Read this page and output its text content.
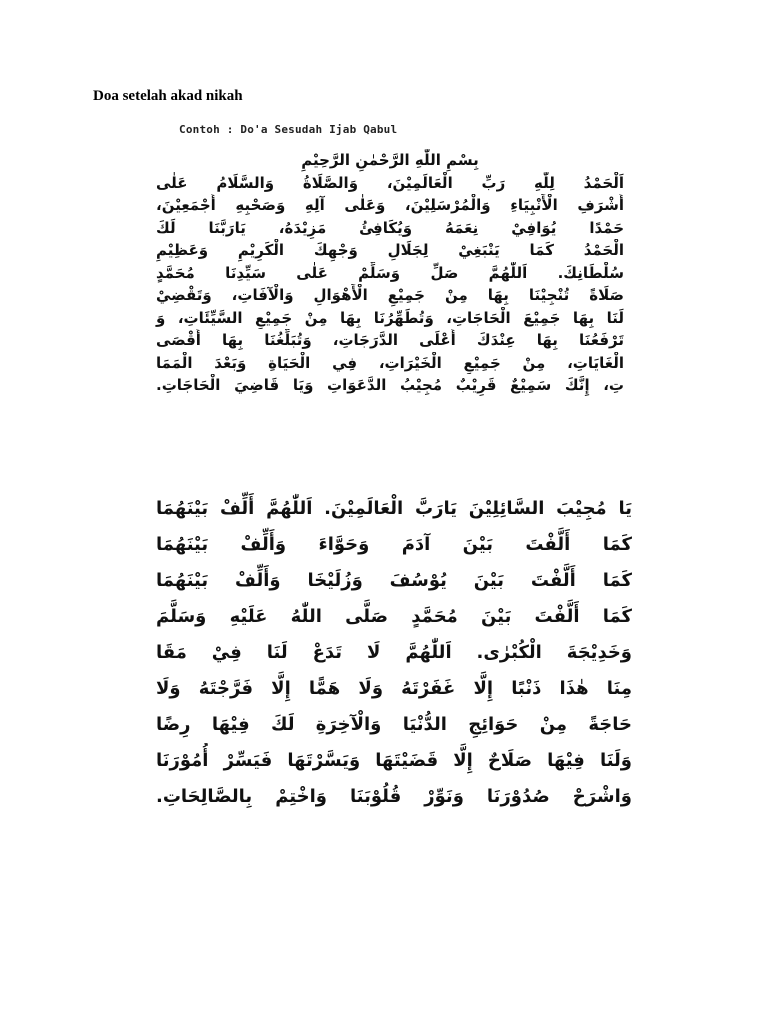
Doa setelah akad nikah
Contoh : Do'a Sesudah Ijab Qabul
بِسْمِ اللّٰهِ الرَّحْمٰنِ الرَّحِيْمِ
اَلْحَمْدُ لِلّٰهِ رَبِّ الْعَالَمِيْنَ، وَالصَّلَاةُ وَالسَّلَامُ عَلٰى
أَشْرَفِ الْأَنْبِيَاءِ وَالْمُرْسَلِيْنَ، وَعَلٰى آلِهِ وَصَحْبِهِ أَجْمَعِيْنَ،
حَمْدًا يُوَافِيْ نِعَمَهُ وَيُكَافِئُ مَزِيْدَهُ، يَارَبَّنَا لَكَ
الْحَمْدُ كَمَا يَنْبَغِيْ لِجَلَالِ وَجْهِكَ الْكَرِيْمِ وَعَظِيْمِ
سُلْطَانِكَ. اَللّٰهُمَّ صَلِّ وَسَلِّمْ عَلٰى سَيِّدِنَا مُحَمَّدٍ
صَلَاةً تُنْجِيْنَا بِهَا مِنْ جَمِيْعِ الْأَهْوَالِ وَالْآفَاتِ، وَتَقْضِيْ
لَنَا بِهَا جَمِيْعَ الْحَاجَاتِ، وَتُطَهِّرُنَا بِهَا مِنْ جَمِيْعِ السَّيِّئَاتِ، وَ
تَرْفَعُنَا بِهَا عِنْدَكَ أَعْلَى الدَّرَجَاتِ، وَتُبَلِّغُنَا بِهَا أَقْصَى
الْغَايَاتِ، مِنْ جَمِيْعِ الْخَيْرَاتِ، فِي الْحَيَاةِ وَبَعْدَ الْمَمَا
تِ، إِنَّكَ سَمِيْعٌ قَرِيْبٌ مُجِيْبُ الدَّعَوَاتِ وَيَا قَاضِيَ الْحَاجَاتِ.
يَا مُجِيْبَ السَّائِلِيْنَ يَارَبَّ الْعَالَمِيْنَ. اَللّٰهُمَّ أَلِّفْ بَيْنَهُمَا
كَمَا أَلَّفْتَ بَيْنَ آدَمَ وَحَوَّاءَ وَأَلِّفْ بَيْنَهُمَا
كَمَا أَلَّفْتَ بَيْنَ يُوْسُفَ وَزُلَيْخَا وَأَلِّفْ بَيْنَهُمَا
كَمَا أَلَّفْتَ بَيْنَ مُحَمَّدٍ صَلَّى اللّٰهُ عَلَيْهِ وَسَلَّمَ
وَخَدِيْجَةَ الْكُبْرٰى. اَللّٰهُمَّ لَا تَدَعْ لَنَا فِيْ مَقَا
مِنَا هٰذَا ذَنْبًا إِلَّا غَفَرْتَهُ وَلَا هَمًّا إِلَّا فَرَّجْتَهُ وَلَا
حَاجَةً مِنْ حَوَائِجِ الدُّنْيَا وَالْآخِرَةِ لَكَ فِيْهَا رِضًا
وَلَنَا فِيْهَا صَلَاحٌ إِلَّا قَضَيْتَهَا وَيَسَّرْتَهَا فَيَسِّرْ أُمُوْرَنَا
وَاشْرَحْ صُدُوْرَنَا وَنَوِّرْ قُلُوْبَنَا وَاخْتِمْ بِالصَّالِحَاتِ.
